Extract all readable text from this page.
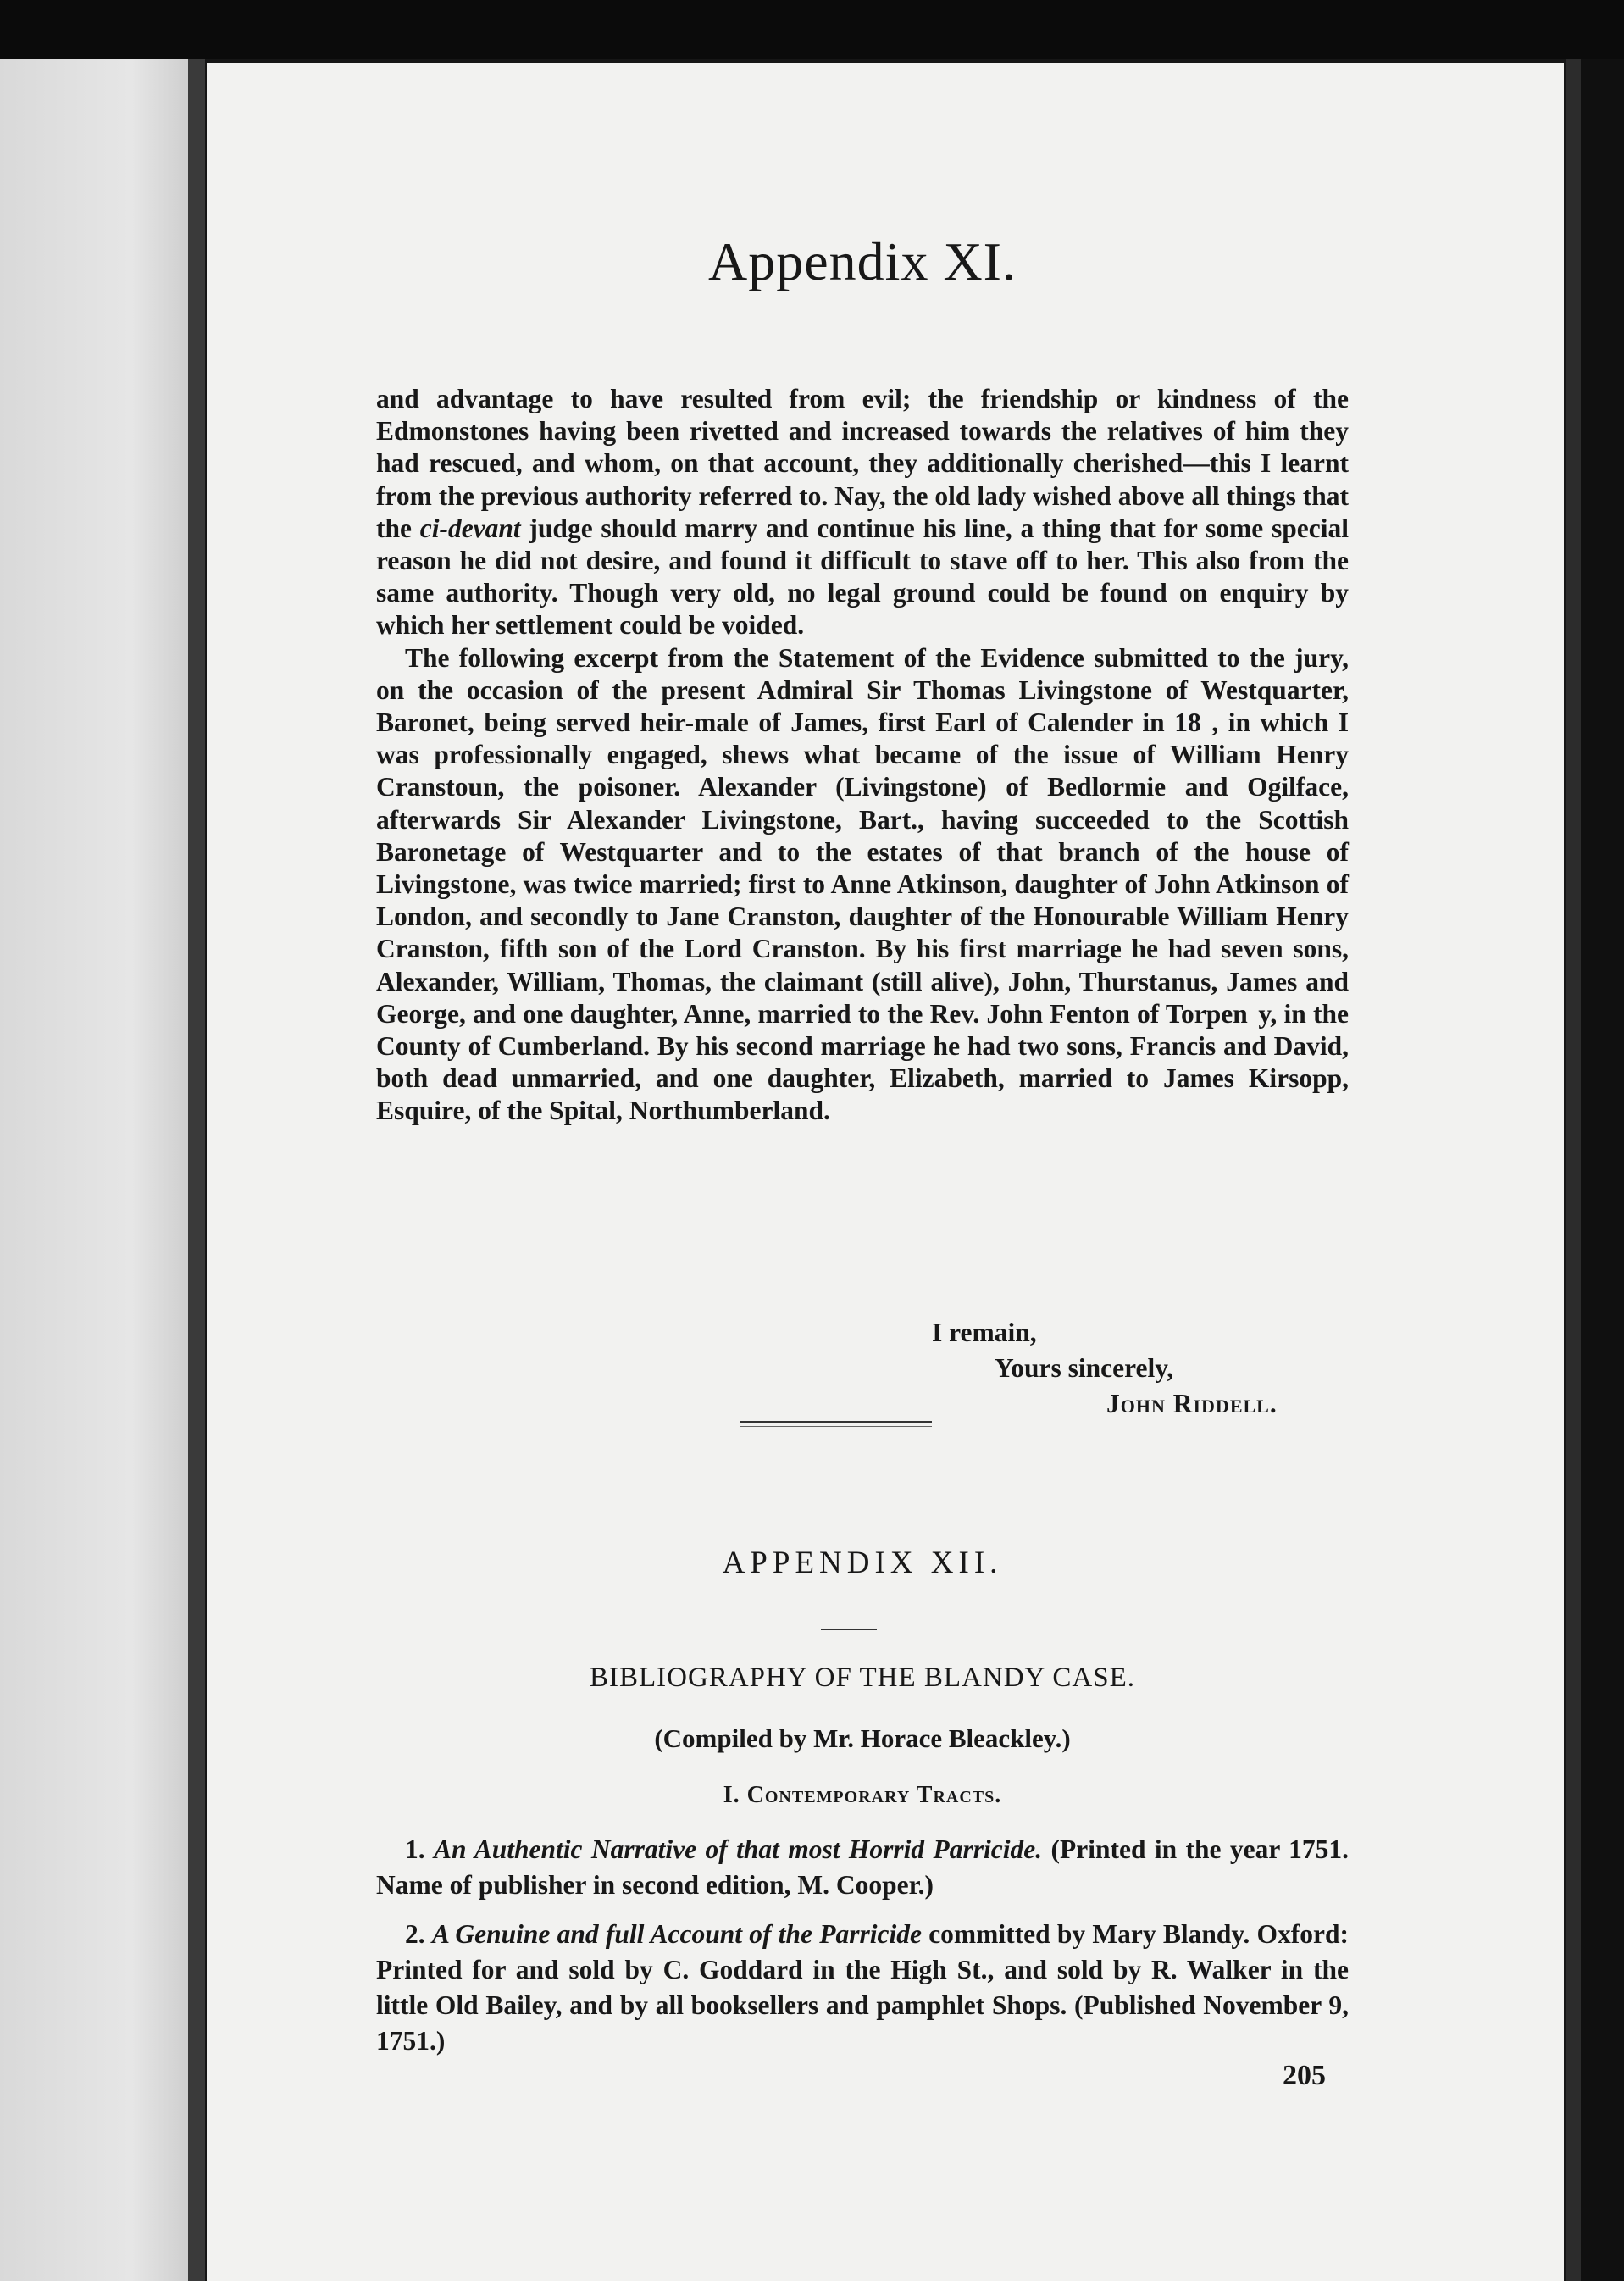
Appendix XI.

and advantage to have resulted from evil; the friendship or kindness of the Edmonstones having been rivetted and increased towards the relatives of him they had rescued, and whom, on that account, they additionally cherished—this I learnt from the previous authority referred to. Nay, the old lady wished above all things that the ci-devant judge should marry and continue his line, a thing that for some special reason he did not desire, and found it difficult to stave off to her. This also from the same authority. Though very old, no legal ground could be found on enquiry by which her settlement could be voided.

The following excerpt from the Statement of the Evidence submitted to the jury, on the occasion of the present Admiral Sir Thomas Livingstone of Westquarter, Baronet, being served heir-male of James, first Earl of Calender in 18  , in which I was professionally engaged, shews what became of the issue of William Henry Cranstoun, the poisoner. Alexander (Livingstone) of Bedlormie and Ogilface, afterwards Sir Alexander Livingstone, Bart., having succeeded to the Scottish Baronetage of Westquarter and to the estates of that branch of the house of Livingstone, was twice married; first to Anne Atkinson, daughter of John Atkinson of London, and secondly to Jane Cranston, daughter of the Honourable William Henry Cranston, fifth son of the Lord Cranston. By his first marriage he had seven sons, Alexander, William, Thomas, the claimant (still alive), John, Thurstanus, James and George, and one daughter, Anne, married to the Rev. John Fenton of Torpen  y, in the County of Cumberland. By his second marriage he had two sons, Francis and David, both dead unmarried, and one daughter, Elizabeth, married to James Kirsopp, Esquire, of the Spital, Northumberland.

I remain,
Yours sincerely,
John Riddell.
APPENDIX XII.
BIBLIOGRAPHY OF THE BLANDY CASE.
(Compiled by Mr. Horace Bleackley.)
I. Contemporary Tracts.

1. An Authentic Narrative of that most Horrid Parricide. (Printed in the year 1751. Name of publisher in second edition, M. Cooper.)

2. A Genuine and full Account of the Parricide committed by Mary Blandy. Oxford: Printed for and sold by C. Goddard in the High St., and sold by R. Walker in the little Old Bailey, and by all booksellers and pamphlet Shops. (Published November 9, 1751.)

205
